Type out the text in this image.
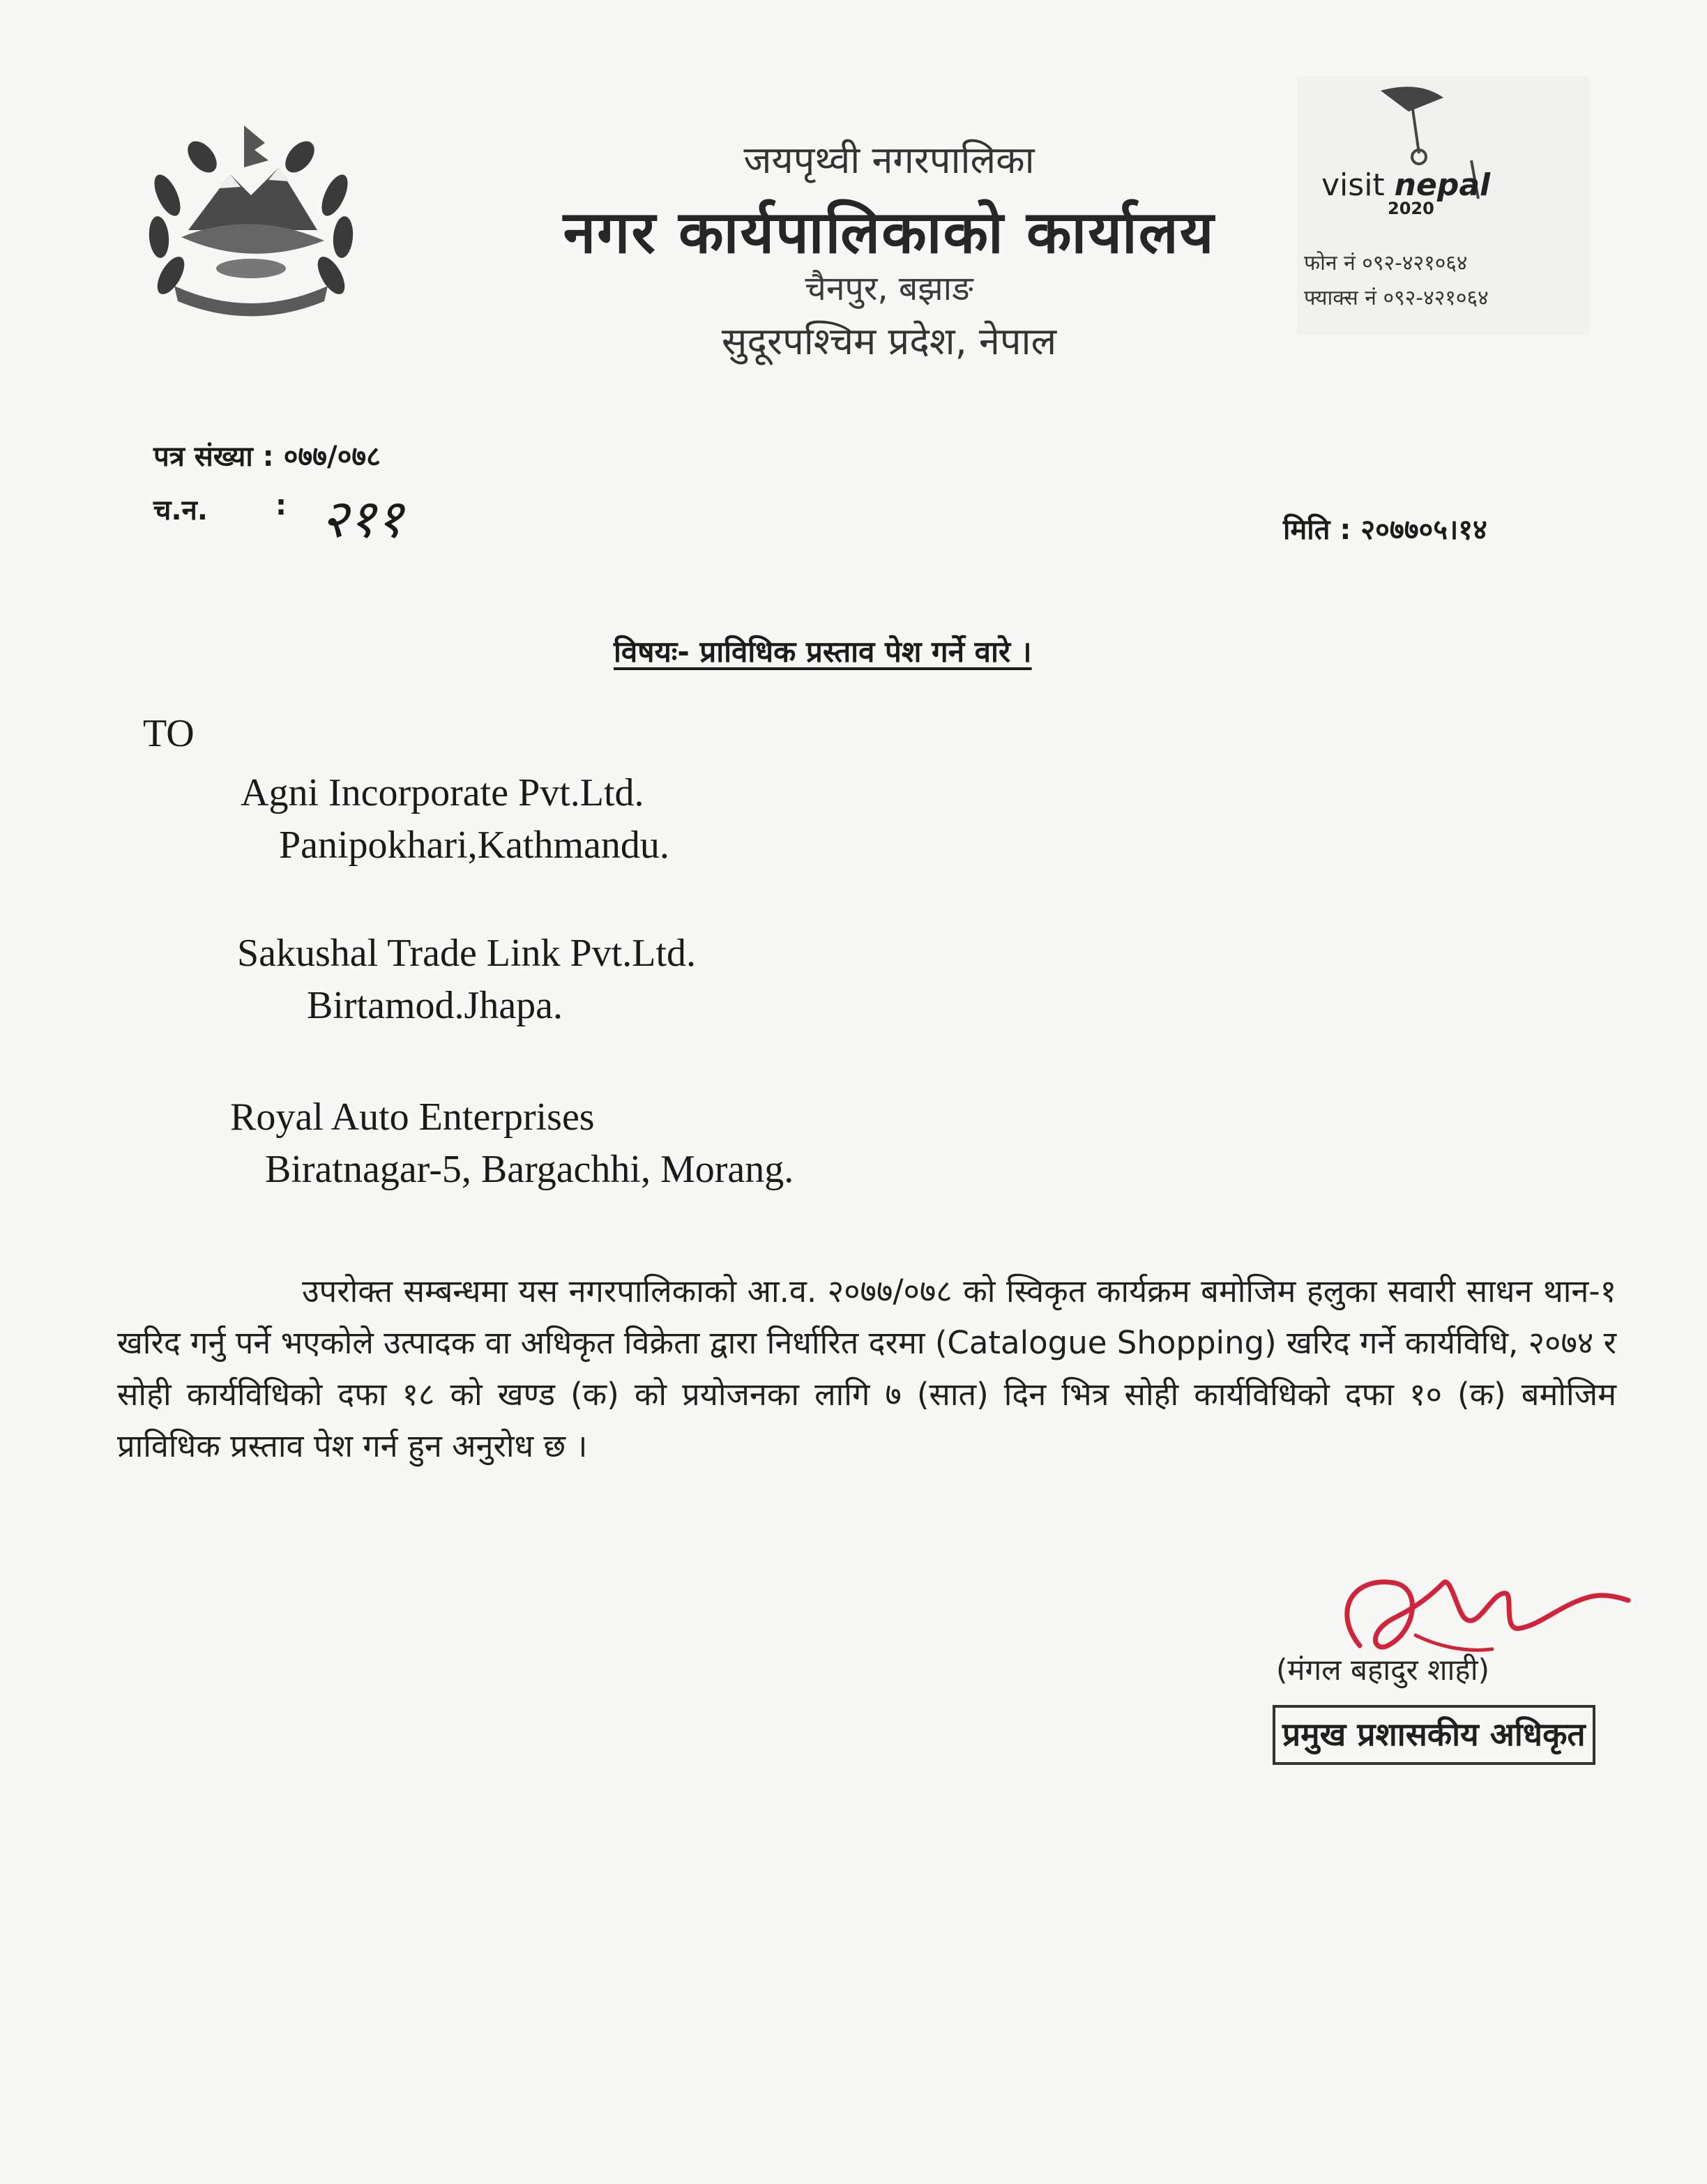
जयपृथ्वी नगरपालिका
नगर कार्यपालिकाको कार्यालय
चैनपुर, बझाङ
सुदूरपश्चिम प्रदेश, नेपाल
visit nepal
2020
फोन नं ०९२-४२१०६४
फ्याक्स नं ०९२-४२१०६४
पत्र संख्या : ०७७/०७८
च.न. : २११	मिति : २०७७०५।१४
विषयः- प्राविधिक प्रस्ताव पेश गर्ने वारे ।
TO
Agni Incorporate Pvt.Ltd.
Panipokhari,Kathmandu.
Sakushal Trade Link Pvt.Ltd.
Birtamod.Jhapa.
Royal Auto Enterprises
Biratnagar-5, Bargachhi, Morang.
उपरोक्त सम्बन्धमा यस नगरपालिकाको आ.व. २०७७/०७८ को स्विकृत कार्यक्रम बमोजिम हलुका सवारी साधन थान-१ खरिद गर्नु पर्ने भएकोले उत्पादक वा अधिकृत विक्रेता द्वारा निर्धारित दरमा (Catalogue Shopping) खरिद गर्ने कार्यविधि, २०७४ र सोही कार्यविधिको दफा १८ को खण्ड (क) को प्रयोजनका लागि ७ (सात) दिन भित्र सोही कार्यविधिको दफा १० (क) बमोजिम प्राविधिक प्रस्ताव पेश गर्न हुन अनुरोध छ ।
(मंगल बहादुर शाही)
प्रमुख प्रशासकीय अधिकृत
